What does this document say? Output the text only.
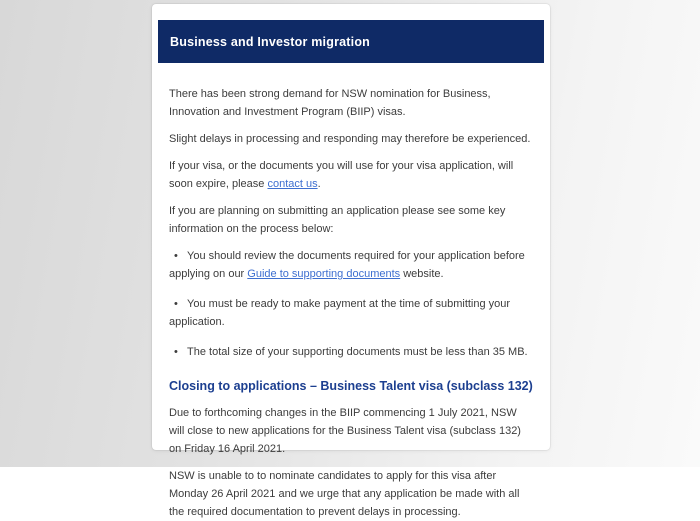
Business and Investor migration

There has been strong demand for NSW nomination for Business, Innovation and Investment Program (BIIP) visas.

Slight delays in processing and responding may therefore be experienced.

If your visa, or the documents you will use for your visa application, will soon expire, please contact us.

If you are planning on submitting an application please see some key information on the process below:

•   You should review the documents required for your application before applying on our Guide to supporting documents website.

•   You must be ready to make payment at the time of submitting your application.

•   The total size of your supporting documents must be less than 35 MB.

Closing to applications – Business Talent visa (subclass 132)

Due to forthcoming changes in the BIIP commencing 1 July 2021, NSW will close to new applications for the Business Talent visa (subclass 132) on Friday 16 April 2021.

NSW is unable to to nominate candidates to apply for this visa after Monday 26 April 2021 and we urge that any application be made with all the required documentation to prevent delays in processing.
